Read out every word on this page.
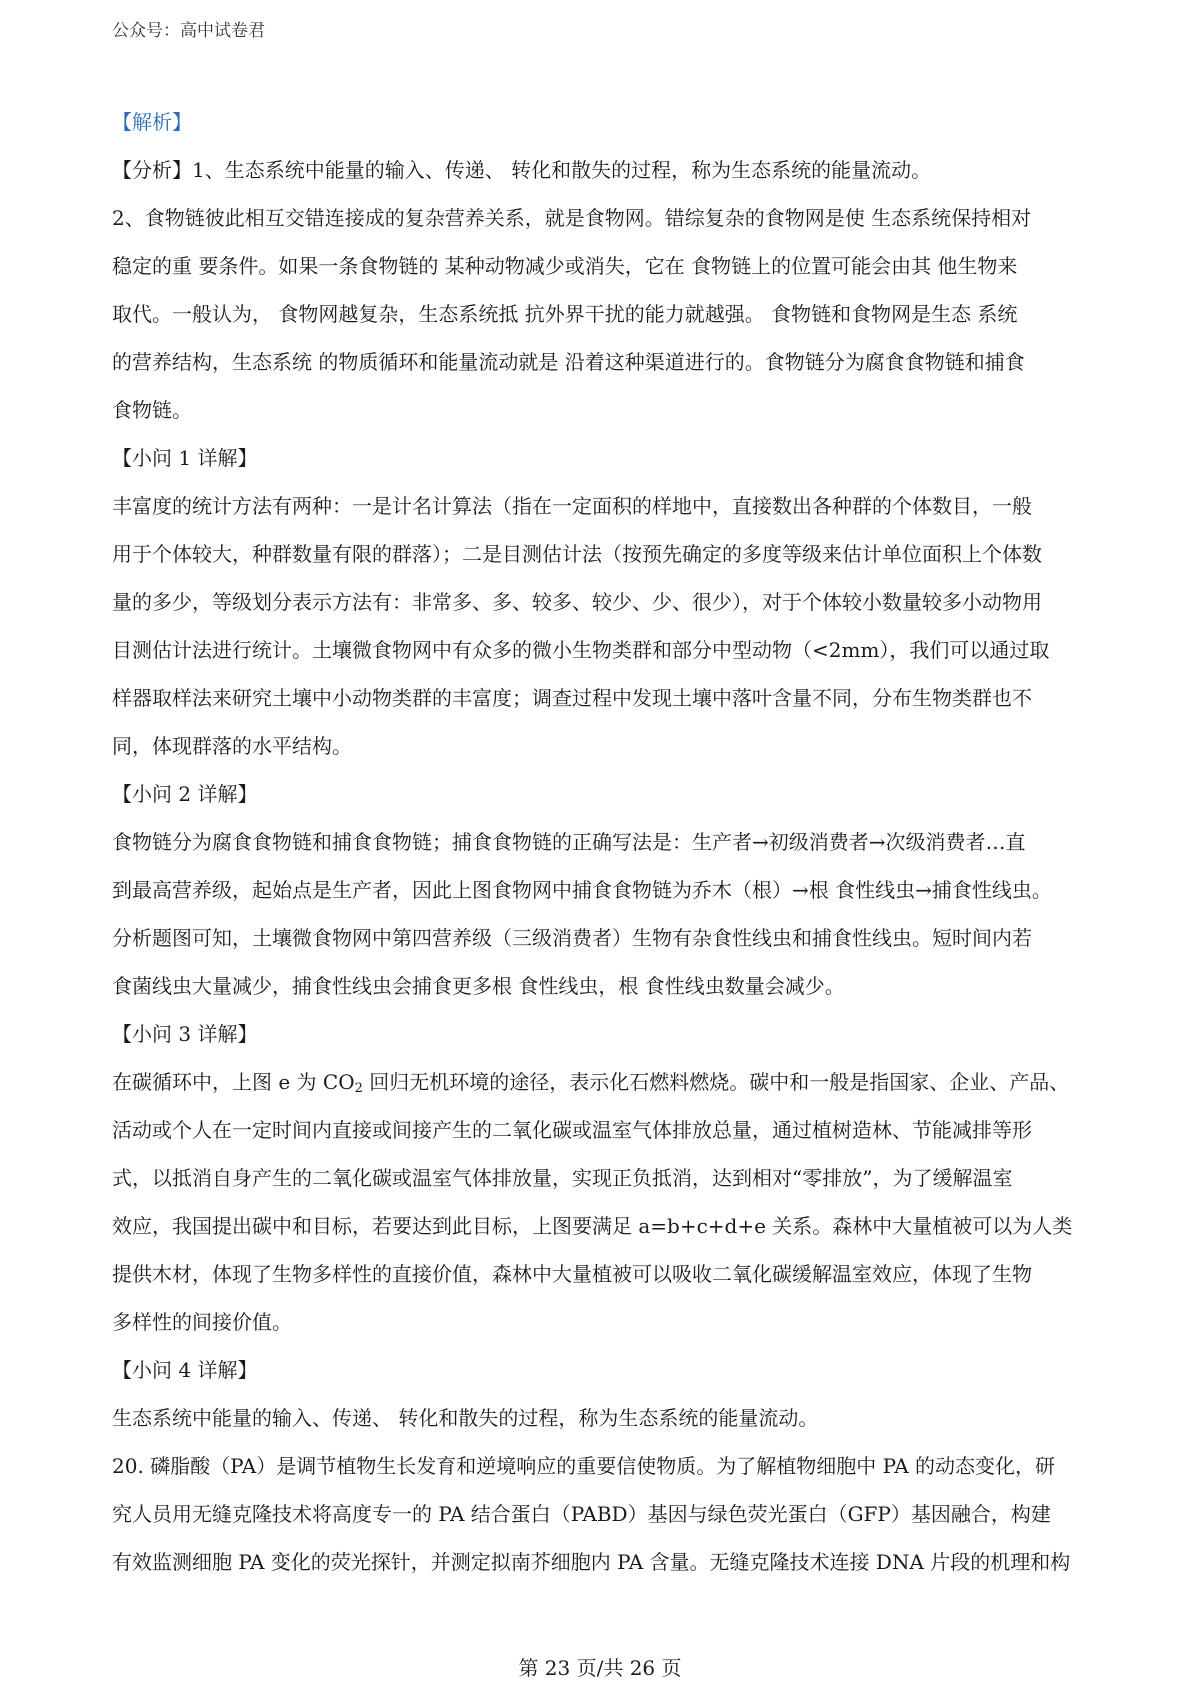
公众号：高中试卷君

【解析】

【分析】1、生态系统中能量的输入、传递、 转化和散失的过程，称为生态系统的能量流动。

2、食物链彼此相互交错连接成的复杂营养关系，就是食物网。错综复杂的食物网是使 生态系统保持相对

稳定的重 要条件。如果一条食物链的 某种动物减少或消失，它在 食物链上的位置可能会由其 他生物来

取代。一般认为， 食物网越复杂，生态系统抵 抗外界干扰的能力就越强。 食物链和食物网是生态 系统

的营养结构，生态系统 的物质循环和能量流动就是 沿着这种渠道进行的。食物链分为腐食食物链和捕食

食物链。

【小问 1 详解】

丰富度的统计方法有两种：一是计名计算法（指在一定面积的样地中，直接数出各种群的个体数目，一般

用于个体较大，种群数量有限的群落）；二是目测估计法（按预先确定的多度等级来估计单位面积上个体数

量的多少，等级划分表示方法有：非常多、多、较多、较少、少、很少），对于个体较小数量较多小动物用

目测估计法进行统计。土壤微食物网中有众多的微小生物类群和部分中型动物（<2mm），我们可以通过取

样器取样法来研究土壤中小动物类群的丰富度；调查过程中发现土壤中落叶含量不同，分布生物类群也不

同，体现群落的水平结构。

【小问 2 详解】

食物链分为腐食食物链和捕食食物链；捕食食物链的正确写法是：生产者→初级消费者→次级消费者…直

到最高营养级，起始点是生产者，因此上图食物网中捕食食物链为乔木（根）→根 食性线虫→捕食性线虫。

分析题图可知，土壤微食物网中第四营养级（三级消费者）生物有杂食性线虫和捕食性线虫。短时间内若

食菌线虫大量减少，捕食性线虫会捕食更多根 食性线虫，根 食性线虫数量会减少。

【小问 3 详解】

在碳循环中，上图 e 为 $CO_2$ 回归无机环境的途径，表示化石燃料燃烧。碳中和一般是指国家、企业、产品、

活动或个人在一定时间内直接或间接产生的二氧化碳或温室气体排放总量，通过植树造林、节能减排等形

式，以抵消自身产生的二氧化碳或温室气体排放量，实现正负抵消，达到相对“零排放”，为了缓解温室

效应，我国提出碳中和目标，若要达到此目标，上图要满足 a=b+c+d+e 关系。森林中大量植被可以为人类

提供木材，体现了生物多样性的直接价值，森林中大量植被可以吸收二氧化碳缓解温室效应，体现了生物

多样性的间接价值。

【小问 4 详解】

生态系统中能量的输入、传递、 转化和散失的过程，称为生态系统的能量流动。

20. 磷脂酸（PA）是调节植物生长发育和逆境响应的重要信使物质。为了解植物细胞中 PA 的动态变化，研

究人员用无缝克隆技术将高度专一的 PA 结合蛋白（PABD）基因与绿色荧光蛋白（GFP）基因融合，构建

有效监测细胞 PA 变化的荧光探针，并测定拟南芥细胞内 PA 含量。无缝克隆技术连接 DNA 片段的机理和构

第 23 页/共 26 页
